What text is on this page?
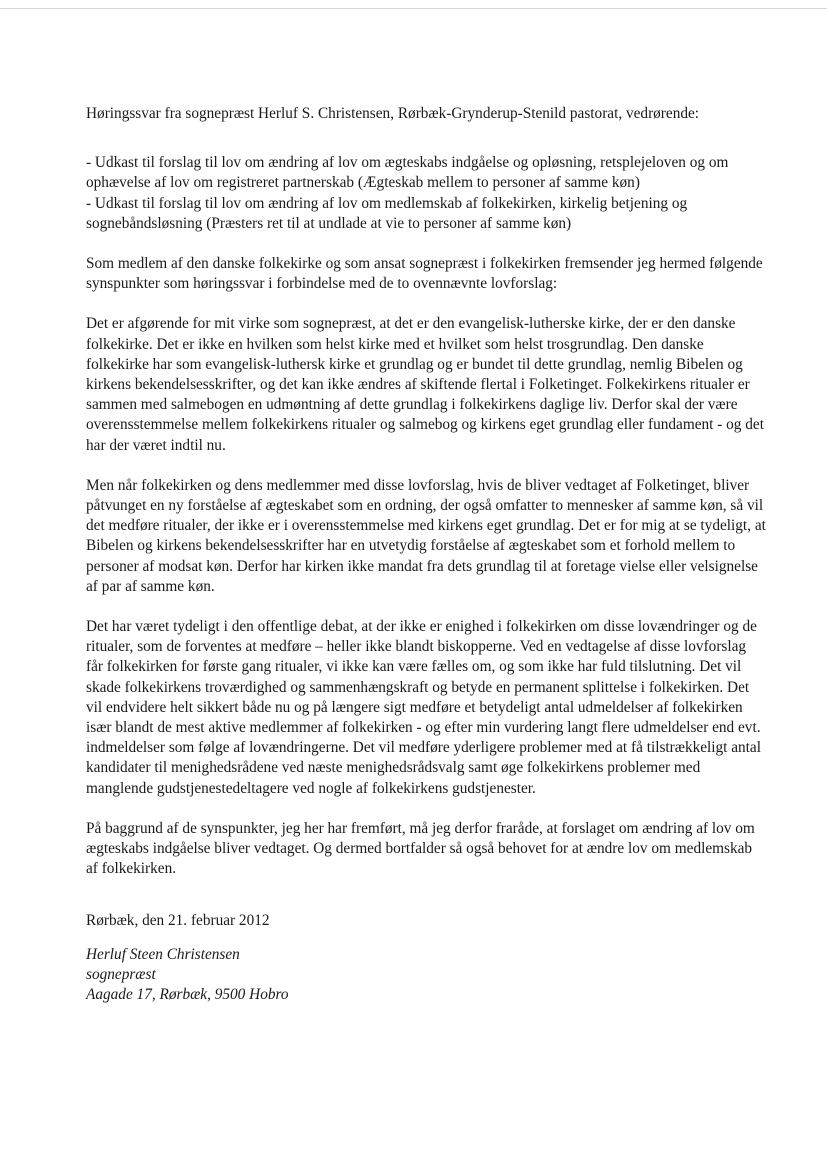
Høringssvar fra sognepræst Herluf S. Christensen, Rørbæk-Grynderup-Stenild pastorat, vedrørende:

- Udkast til forslag til lov om ændring af lov om ægteskabs indgåelse og opløsning, retsplejeloven og om ophævelse af lov om registreret partnerskab (Ægteskab mellem to personer af samme køn)

- Udkast til forslag til lov om ændring af lov om medlemskab af folkekirken, kirkelig betjening og sognebåndsløsning (Præsters ret til at undlade at vie to personer af samme køn)

Som medlem af den danske folkekirke og som ansat sognepræst i folkekirken fremsender jeg hermed følgende synspunkter som høringssvar i forbindelse med de to ovennævnte lovforslag:

Det er afgørende for mit virke som sognepræst, at det er den evangelisk-lutherske kirke, der er den danske folkekirke. Det er ikke en hvilken som helst kirke med et hvilket som helst trosgrundlag. Den danske folkekirke har som evangelisk-luthersk kirke et grundlag og er bundet til dette grundlag, nemlig Bibelen og kirkens bekendelsesskrifter, og det kan ikke ændres af skiftende flertal i Folketinget. Folkekirkens ritualer er sammen med salmebogen en udmøntning af dette grundlag i folkekirkens daglige liv. Derfor skal der være overensstemmelse mellem folkekirkens ritualer og salmebog og kirkens eget grundlag eller fundament - og det har der været indtil nu.

Men når folkekirken og dens medlemmer med disse lovforslag, hvis de bliver vedtaget af Folketinget, bliver påtvunget en ny forståelse af ægteskabet som en ordning, der også omfatter to mennesker af samme køn, så vil det medføre ritualer, der ikke er i overensstemmelse med kirkens eget grundlag. Det er for mig at se tydeligt, at Bibelen og kirkens bekendelsesskrifter har en utvetydig forståelse af ægteskabet som et forhold mellem to personer af modsat køn. Derfor har kirken ikke mandat fra dets grundlag til at foretage vielse eller velsignelse af par af samme køn.

Det har været tydeligt i den offentlige debat, at der ikke er enighed i folkekirken om disse lovændringer og de ritualer, som de forventes at medføre – heller ikke blandt biskopperne. Ved en vedtagelse af disse lovforslag får folkekirken for første gang ritualer, vi ikke kan være fælles om, og som ikke har fuld tilslutning. Det vil skade folkekirkens troværdighed og sammenhængskraft og betyde en permanent splittelse i folkekirken. Det vil endvidere helt sikkert både nu og på længere sigt medføre et betydeligt antal udmeldelser af folkekirken især blandt de mest aktive medlemmer af folkekirken - og efter min vurdering langt flere udmeldelser end evt. indmeldelser som følge af lovændringerne. Det vil medføre yderligere problemer med at få tilstrækkeligt antal kandidater til menighedsrådene ved næste menighedsrådsvalg samt øge folkekirkens problemer med manglende gudstjenestedeltagere ved nogle af folkekirkens gudstjenester.

På baggrund af de synspunkter, jeg her har fremført, må jeg derfor fraråde, at forslaget om ændring af lov om ægteskabs indgåelse bliver vedtaget. Og dermed bortfalder så også behovet for at ændre lov om medlemskab af folkekirken.

Rørbæk, den 21. februar 2012

Herluf Steen Christensen
sognepræst
Aagade 17, Rørbæk, 9500 Hobro
